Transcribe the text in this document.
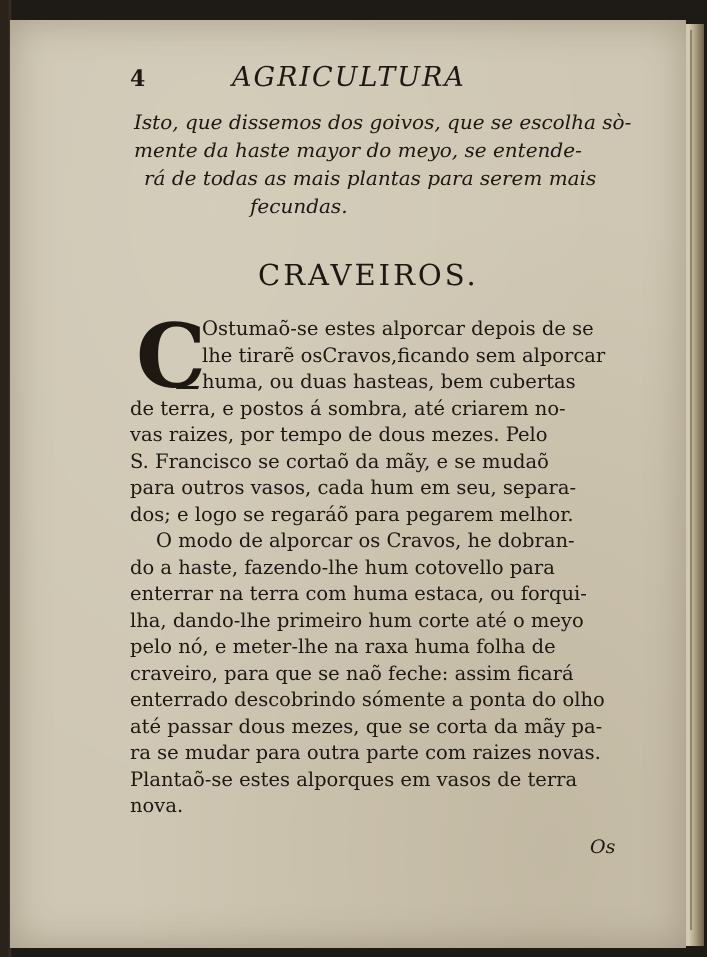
4	AGRICULTURA
Isto, que dissemos dos goivos, que se escolha sò-
mente da haste mayor do meyo, se entende-
rá de todas as mais plantas para serem mais
fecundas.
CRAVEIROS.
C
Ostumaõ-se estes alporcar depois de se
lhe tirarẽ osCravos,ficando sem alporcar
huma, ou duas hasteas, bem cubertas
de terra, e postos á sombra, até criarem no-
vas raizes, por tempo de dous mezes. Pelo
S. Francisco se cortaõ da mãy, e se mudaõ
para outros vasos, cada hum em seu, separa-
dos; e logo se regaráõ para pegarem melhor.
O modo de alporcar os Cravos, he dobran-
do a haste, fazendo-lhe hum cotovello para
enterrar na terra com huma estaca, ou forqui-
lha, dando-lhe primeiro hum corte até o meyo
pelo nó, e meter-lhe na raxa huma folha de
craveiro, para que se naõ feche: assim ficará
enterrado descobrindo sómente a ponta do olho
até passar dous mezes, que se corta da mãy pa-
ra se mudar para outra parte com raizes novas.
Plantaõ-se estes alporques em vasos de terra
nova.
Os
